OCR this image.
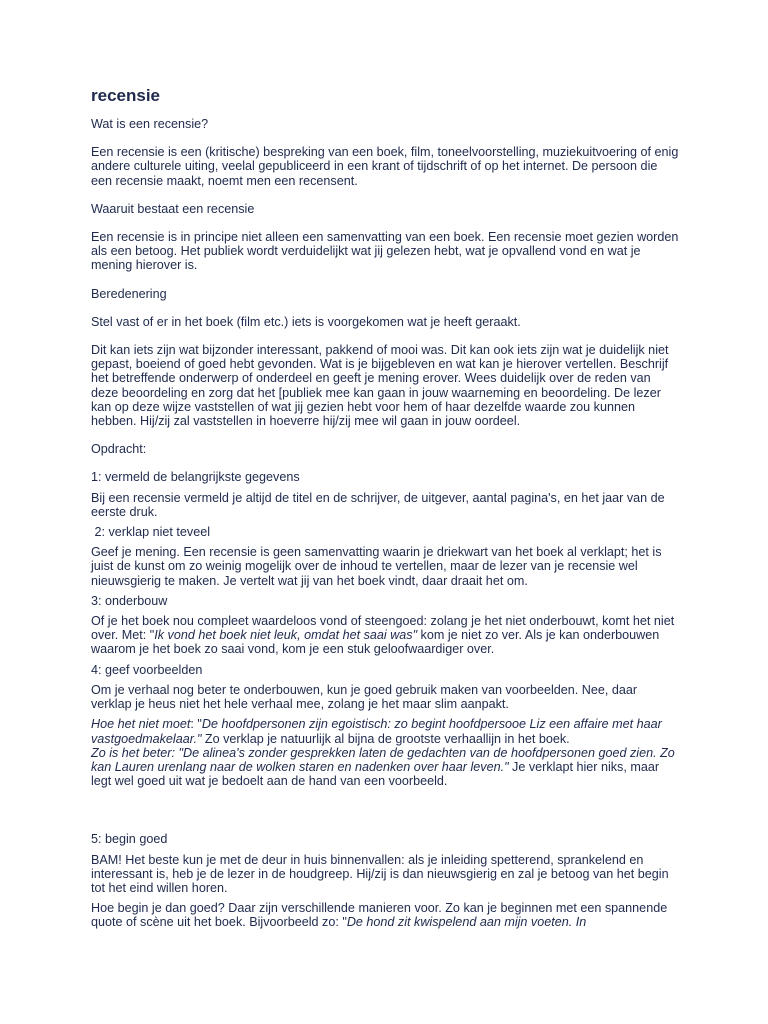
recensie

Wat is een recensie?

Een recensie is een (kritische) bespreking van een boek, film, toneelvoorstelling, muziekuitvoering of enig andere culturele uiting, veelal gepubliceerd in een krant of tijdschrift of op het internet. De persoon die een recensie maakt, noemt men een recensent.

Waaruit bestaat een recensie

Een recensie is in principe niet alleen een samenvatting van een boek. Een recensie moet gezien worden als een betoog. Het publiek wordt verduidelijkt wat jij gelezen hebt, wat je opvallend vond en wat je mening hierover is.

Beredenering

Stel vast of er in het boek (film etc.) iets is voorgekomen wat je heeft geraakt.

Dit kan iets zijn wat bijzonder interessant, pakkend of mooi was. Dit kan ook iets zijn wat je duidelijk niet gepast, boeiend of goed hebt gevonden. Wat is je bijgebleven en wat kan je hierover vertellen. Beschrijf het betreffende onderwerp of onderdeel en geeft je mening erover. Wees duidelijk over de reden van deze beoordeling en zorg dat het [publiek mee kan gaan in jouw waarneming en beoordeling. De lezer kan op deze wijze vaststellen of wat jij gezien hebt voor hem of haar dezelfde waarde zou kunnen hebben. Hij/zij zal vaststellen in hoeverre hij/zij mee wil gaan in jouw oordeel.

Opdracht:

1: vermeld de belangrijkste gegevens

Bij een recensie vermeld je altijd de titel en de schrijver, de uitgever, aantal pagina's, en het jaar van de eerste druk.

2: verklap niet teveel

Geef je mening. Een recensie is geen samenvatting waarin je driekwart van het boek al verklapt; het is juist de kunst om zo weinig mogelijk over de inhoud te vertellen, maar de lezer van je recensie wel nieuwsgierig te maken. Je vertelt wat jij van het boek vindt, daar draait het om.

3: onderbouw

Of je het boek nou compleet waardeloos vond of steengoed: zolang je het niet onderbouwt, komt het niet over. Met: "Ik vond het boek niet leuk, omdat het saai was" kom je niet zo ver. Als je kan onderbouwen waarom je het boek zo saai vond, kom je een stuk geloofwaardiger over.

4: geef voorbeelden

Om je verhaal nog beter te onderbouwen, kun je goed gebruik maken van voorbeelden. Nee, daar verklap je heus niet het hele verhaal mee, zolang je het maar slim aanpakt.

Hoe het niet moet: "De hoofdpersonen zijn egoistisch: zo begint hoofdpersooe Liz een affaire met haar vastgoedmakelaar." Zo verklap je natuurlijk al bijna de grootste verhaallijn in het boek.

Zo is het beter: "De alinea's zonder gesprekken laten de gedachten van de hoofdpersonen goed zien. Zo kan Lauren urenlang naar de wolken staren en nadenken over haar leven." Je verklapt hier niks, maar legt wel goed uit wat je bedoelt aan de hand van een voorbeeld.

5: begin goed

BAM! Het beste kun je met de deur in huis binnenvallen: als je inleiding spetterend, sprankelend en interessant is, heb je de lezer in de houdgreep. Hij/zij is dan nieuwsgierig en zal je betoog van het begin tot het eind willen horen.

Hoe begin je dan goed? Daar zijn verschillende manieren voor. Zo kan je beginnen met een spannende quote of scène uit het boek. Bijvoorbeeld zo: "De hond zit kwispelend aan mijn voeten. In
